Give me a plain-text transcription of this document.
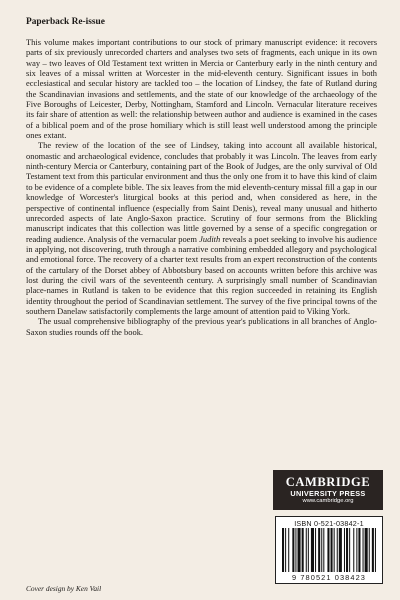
Paperback Re-issue

This volume makes important contributions to our stock of primary manuscript evidence: it recovers parts of six previously unrecorded charters and analyses two sets of fragments, each unique in its own way – two leaves of Old Testament text written in Mercia or Canterbury early in the ninth century and six leaves of a missal written at Worcester in the mid-eleventh century. Significant issues in both ecclesiastical and secular history are tackled too – the location of Lindsey, the fate of Rutland during the Scandinavian invasions and settlements, and the state of our knowledge of the archaeology of the Five Boroughs of Leicester, Derby, Nottingham, Stamford and Lincoln. Vernacular literature receives its fair share of attention as well: the relationship between author and audience is examined in the cases of a biblical poem and of the prose homiliary which is still least well understood among the principle ones extant.

The review of the location of the see of Lindsey, taking into account all available historical, onomastic and archaeological evidence, concludes that probably it was Lincoln. The leaves from early ninth-century Mercia or Canterbury, containing part of the Book of Judges, are the only survival of Old Testament text from this particular environment and thus the only one from it to have this kind of claim to be evidence of a complete bible. The six leaves from the mid eleventh-century missal fill a gap in our knowledge of Worcester's liturgical books at this period and, when considered as here, in the perspective of continental influence (especially from Saint Denis), reveal many unusual and hitherto unrecorded aspects of late Anglo-Saxon practice. Scrutiny of four sermons from the Blickling manuscript indicates that this collection was little governed by a sense of a specific congregation or reading audience. Analysis of the vernacular poem Judith reveals a poet seeking to involve his audience in applying, not discovering, truth through a narrative combining embedded allegory and psychological and emotional force. The recovery of a charter text results from an expert reconstruction of the contents of the cartulary of the Dorset abbey of Abbotsbury based on accounts written before this archive was lost during the civil wars of the seventeenth century. A surprisingly small number of Scandinavian place-names in Rutland is taken to be evidence that this region succeeded in retaining its English identity throughout the period of Scandinavian settlement. The survey of the five principal towns of the southern Danelaw satisfactorily complements the large amount of attention paid to Viking York.

The usual comprehensive bibliography of the previous year's publications in all branches of Anglo-Saxon studies rounds off the book.

CAMBRIDGE
UNIVERSITY PRESS
www.cambridge.org
ISBN 0-521-03842-1
9 780521 038423
Cover design by Ken Vail
